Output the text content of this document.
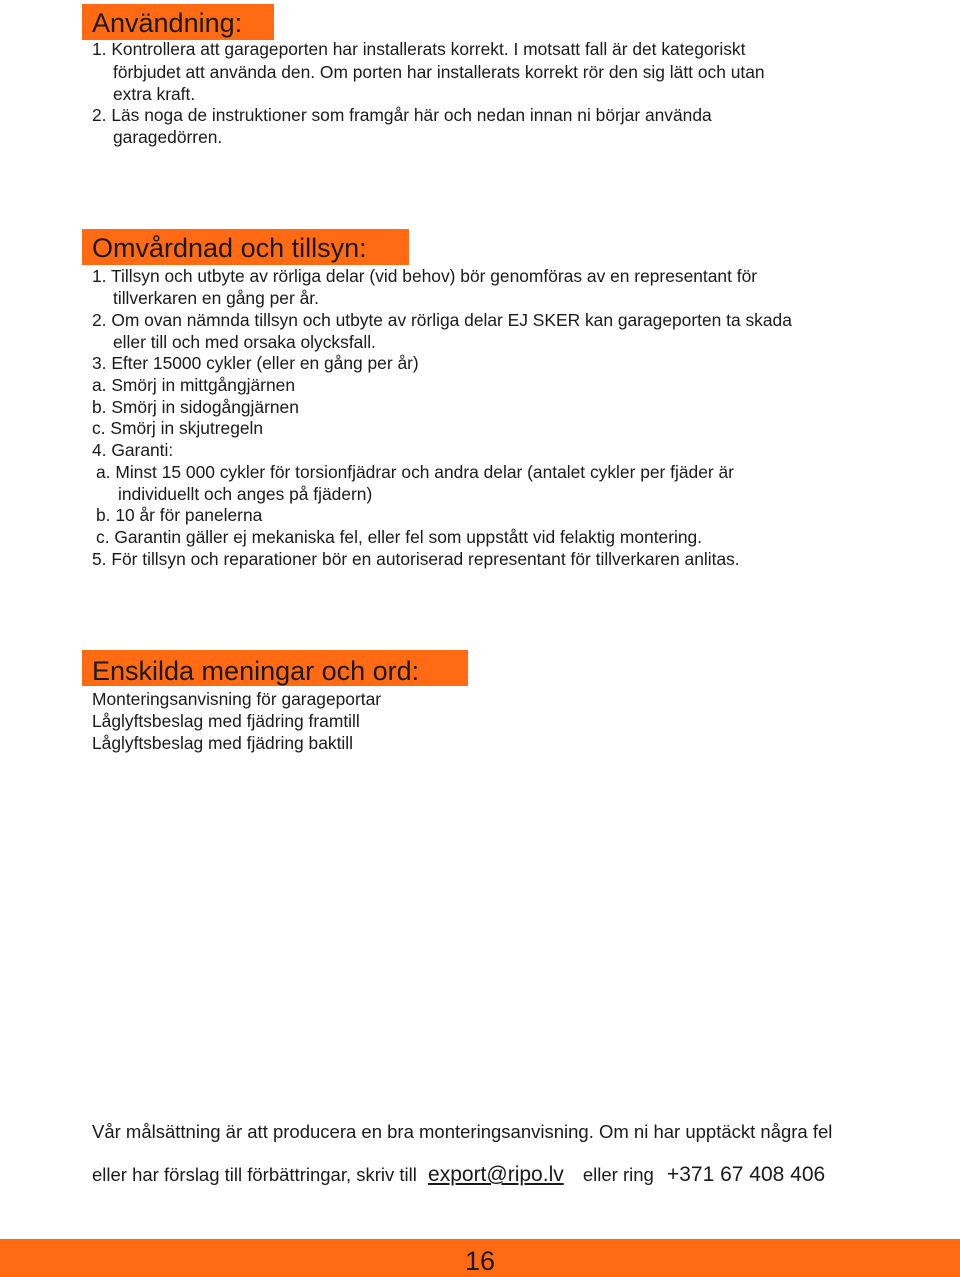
Användning:
1. Kontrollera att garageporten har installerats korrekt. I motsatt fall är det kategoriskt
förbjudet att använda den. Om porten har installerats korrekt rör den sig lätt och utan
extra kraft.
2. Läs noga de instruktioner som framgår här och nedan innan ni börjar använda
garagedörren.
Omvårdnad och tillsyn:
1. Tillsyn och utbyte av rörliga delar (vid behov) bör genomföras av en representant för
tillverkaren en gång per år.
2. Om ovan nämnda tillsyn och utbyte av rörliga delar EJ SKER kan garageporten ta skada
eller till och med orsaka olycksfall.
3. Efter 15000 cykler (eller en gång per år)
a. Smörj in mittgångjärnen
b. Smörj in sidogångjärnen
c. Smörj in skjutregeln
4. Garanti:
a. Minst 15 000 cykler för torsionfjädrar och andra delar (antalet cykler per fjäder är
individuellt och anges på fjädern)
b. 10 år för panelerna
c. Garantin gäller ej mekaniska fel, eller fel som uppstått vid felaktig montering.
5. För tillsyn och reparationer bör en autoriserad representant för tillverkaren anlitas.
Enskilda meningar och ord:
Monteringsanvisning för garageportar
Låglyftsbeslag med fjädring framtill
Låglyftsbeslag med fjädring baktill
Vår målsättning är att producera en bra monteringsanvisning. Om ni har upptäckt några fel
eller har förslag till förbättringar, skriv till export@ripo.lv eller ring +371 67 408 406
16
